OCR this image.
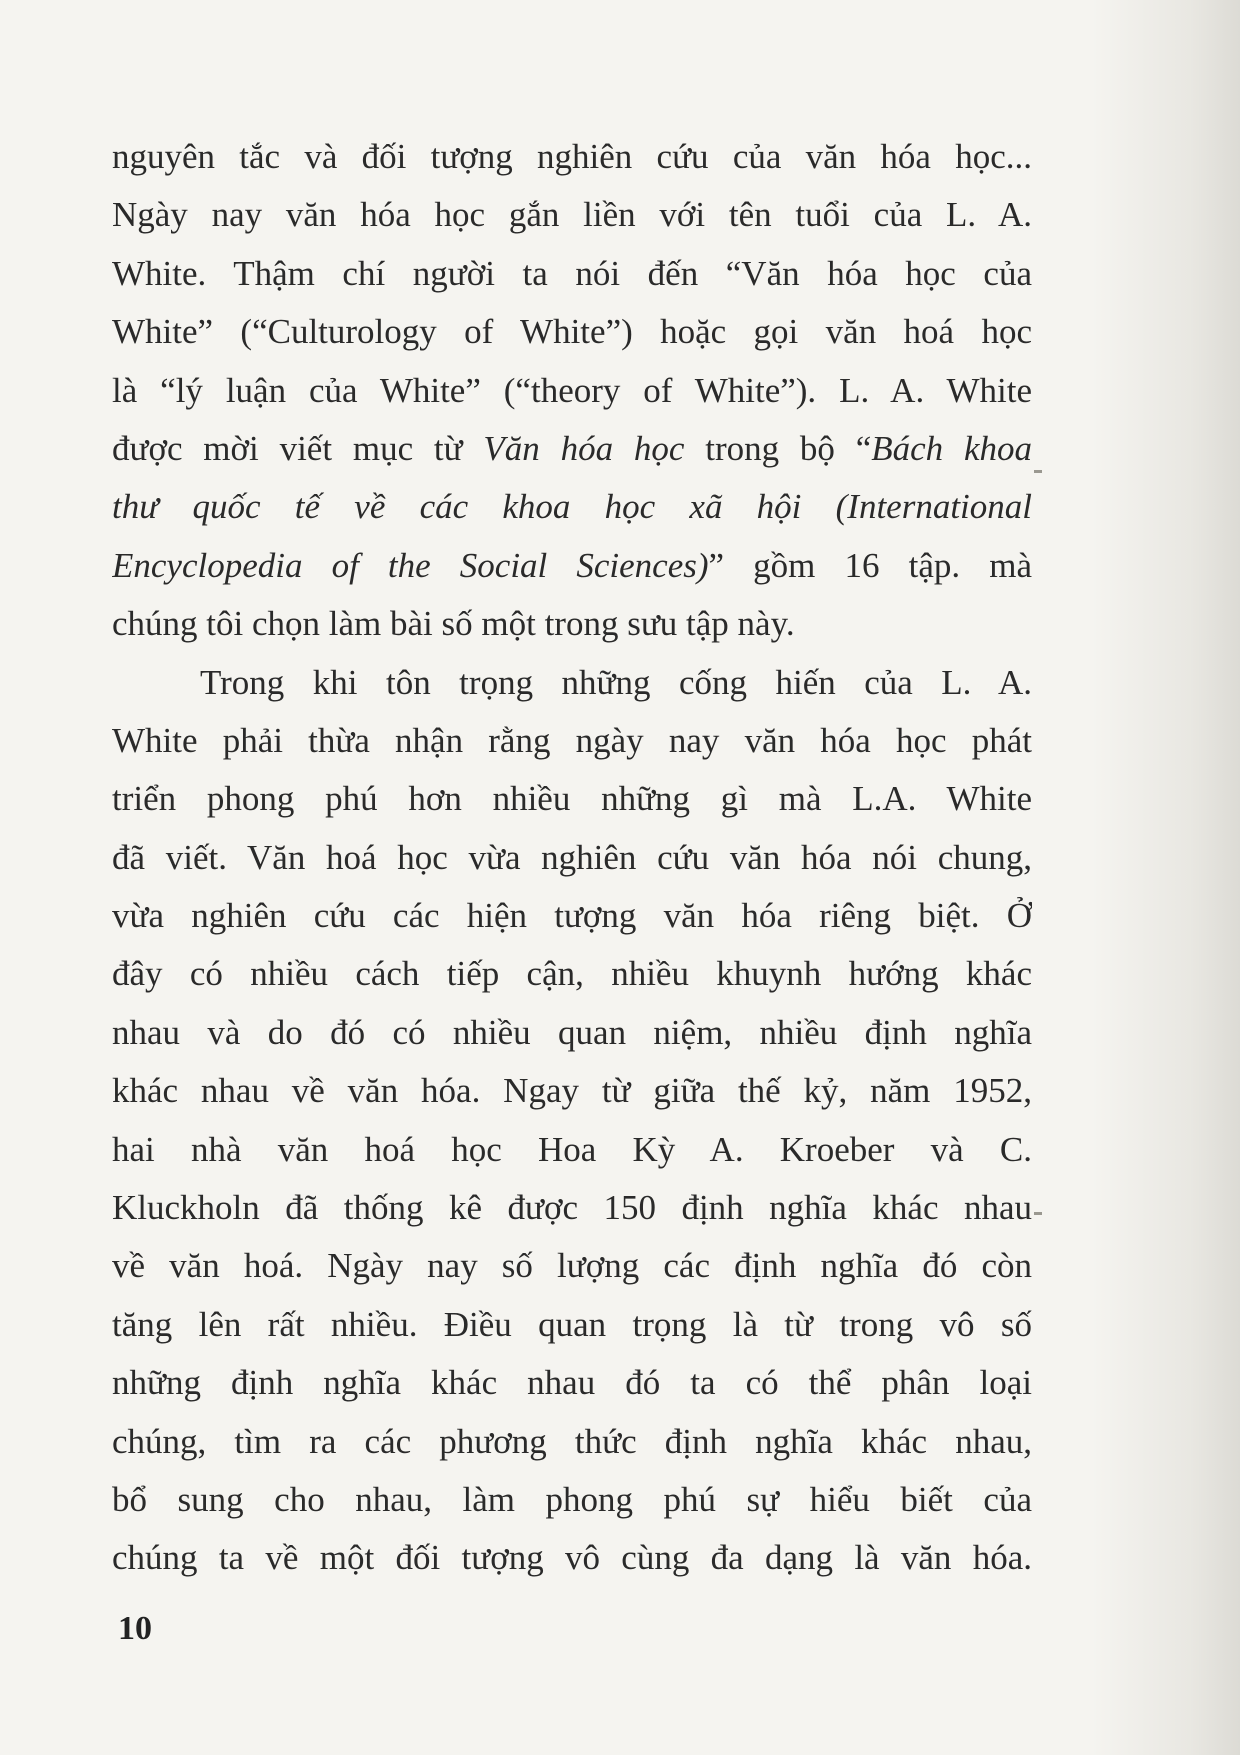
nguyên tắc và đối tượng nghiên cứu của văn hóa học...
Ngày nay văn hóa học gắn liền với tên tuổi của L. A.
White. Thậm chí người ta nói đến “Văn hóa học của
White” (“Culturology of White”) hoặc gọi văn hoá học
là “lý luận của White” (“theory of White”). L. A. White
được mời viết mục từ Văn hóa học trong bộ “Bách khoa
thư quốc tế về các khoa học xã hội (International
Encyclopedia of the Social Sciences)” gồm 16 tập. mà
chúng tôi chọn làm bài số một trong sưu tập này.
Trong khi tôn trọng những cống hiến của L. A.
White phải thừa nhận rằng ngày nay văn hóa học phát
triển phong phú hơn nhiều những gì mà L.A. White
đã viết. Văn hoá học vừa nghiên cứu văn hóa nói chung,
vừa nghiên cứu các hiện tượng văn hóa riêng biệt. Ở
đây có nhiều cách tiếp cận, nhiều khuynh hướng khác
nhau và do đó có nhiều quan niệm, nhiều định nghĩa
khác nhau về văn hóa. Ngay từ giữa thế kỷ, năm 1952,
hai nhà văn hoá học Hoa Kỳ A. Kroeber và C.
Kluckholn đã thống kê được 150 định nghĩa khác nhau
về văn hoá. Ngày nay số lượng các định nghĩa đó còn
tăng lên rất nhiều. Điều quan trọng là từ trong vô số
những định nghĩa khác nhau đó ta có thể phân loại
chúng, tìm ra các phương thức định nghĩa khác nhau,
bổ sung cho nhau, làm phong phú sự hiểu biết của
chúng ta về một đối tượng vô cùng đa dạng là văn hóa.
10
